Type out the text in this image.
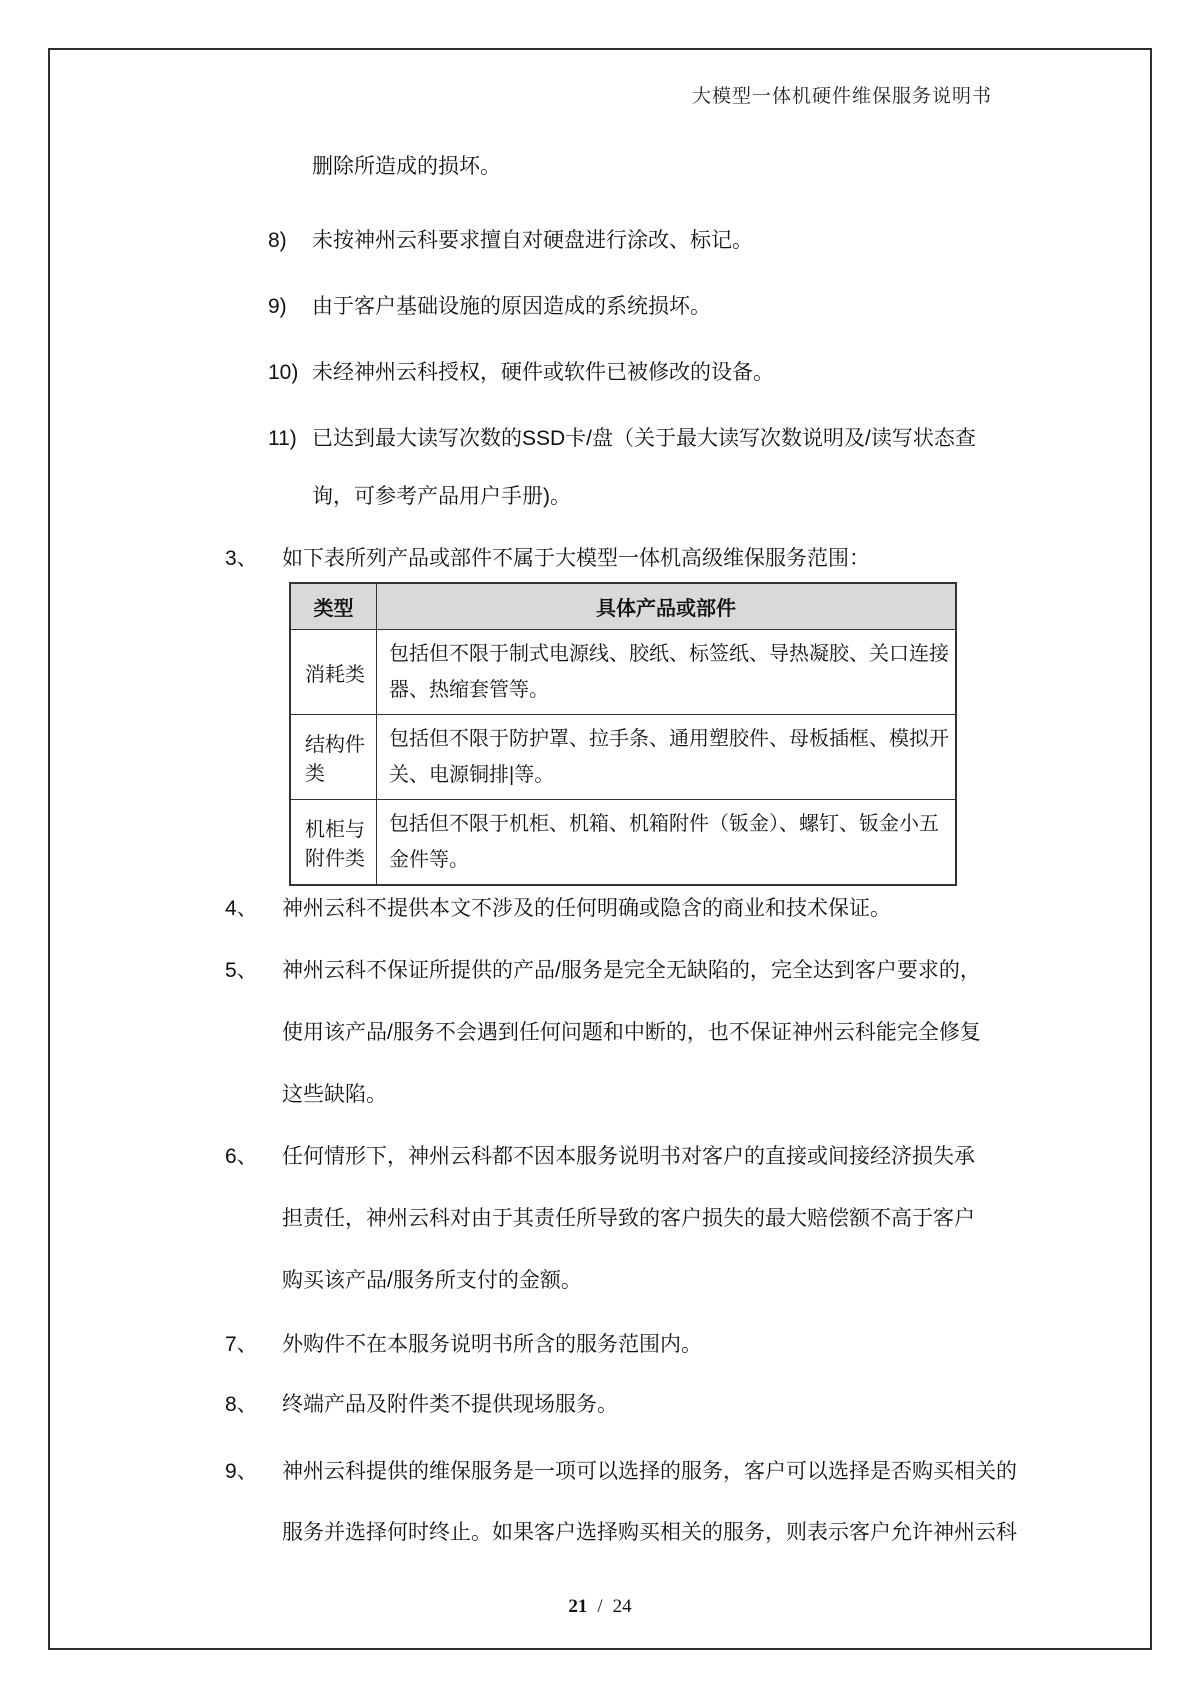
大模型一体机硬件维保服务说明书
删除所造成的损坏。
8)	未按神州云科要求擅自对硬盘进行涂改、标记。
9)	由于客户基础设施的原因造成的系统损坏。
10) 未经神州云科授权，硬件或软件已被修改的设备。
11) 已达到最大读写次数的SSD卡/盘（关于最大读写次数说明及/读写状态查
询，可参考产品用户手册)。
3、	如下表所列产品或部件不属于大模型一体机高级维保服务范围：
类型	具体产品或部件
消耗类	包括但不限于制式电源线、胶纸、标签纸、导热凝胶、关口连接
器、热缩套管等。

结构件类	包括但不限于防护罩、拉手条、通用塑胶件、母板插框、模拟开
关、电源铜排|等。

机柜与附件类	包括但不限于机柜、机箱、机箱附件（钣金）、螺钉、钣金小五
金件等。
4、	神州云科不提供本文不涉及的任何明确或隐含的商业和技术保证。
5、	神州云科不保证所提供的产品/服务是完全无缺陷的，完全达到客户要求的，
使用该产品/服务不会遇到任何问题和中断的，也不保证神州云科能完全修复
这些缺陷。
6、	任何情形下，神州云科都不因本服务说明书对客户的直接或间接经济损失承
担责任，神州云科对由于其责任所导致的客户损失的最大赔偿额不高于客户
购买该产品/服务所支付的金额。
7、	外购件不在本服务说明书所含的服务范围内。
8、	终端产品及附件类不提供现场服务。
9、	神州云科提供的维保服务是一项可以选择的服务，客户可以选择是否购买相关的
服务并选择何时终止。如果客户选择购买相关的服务，则表示客户允许神州云科
21 / 24
